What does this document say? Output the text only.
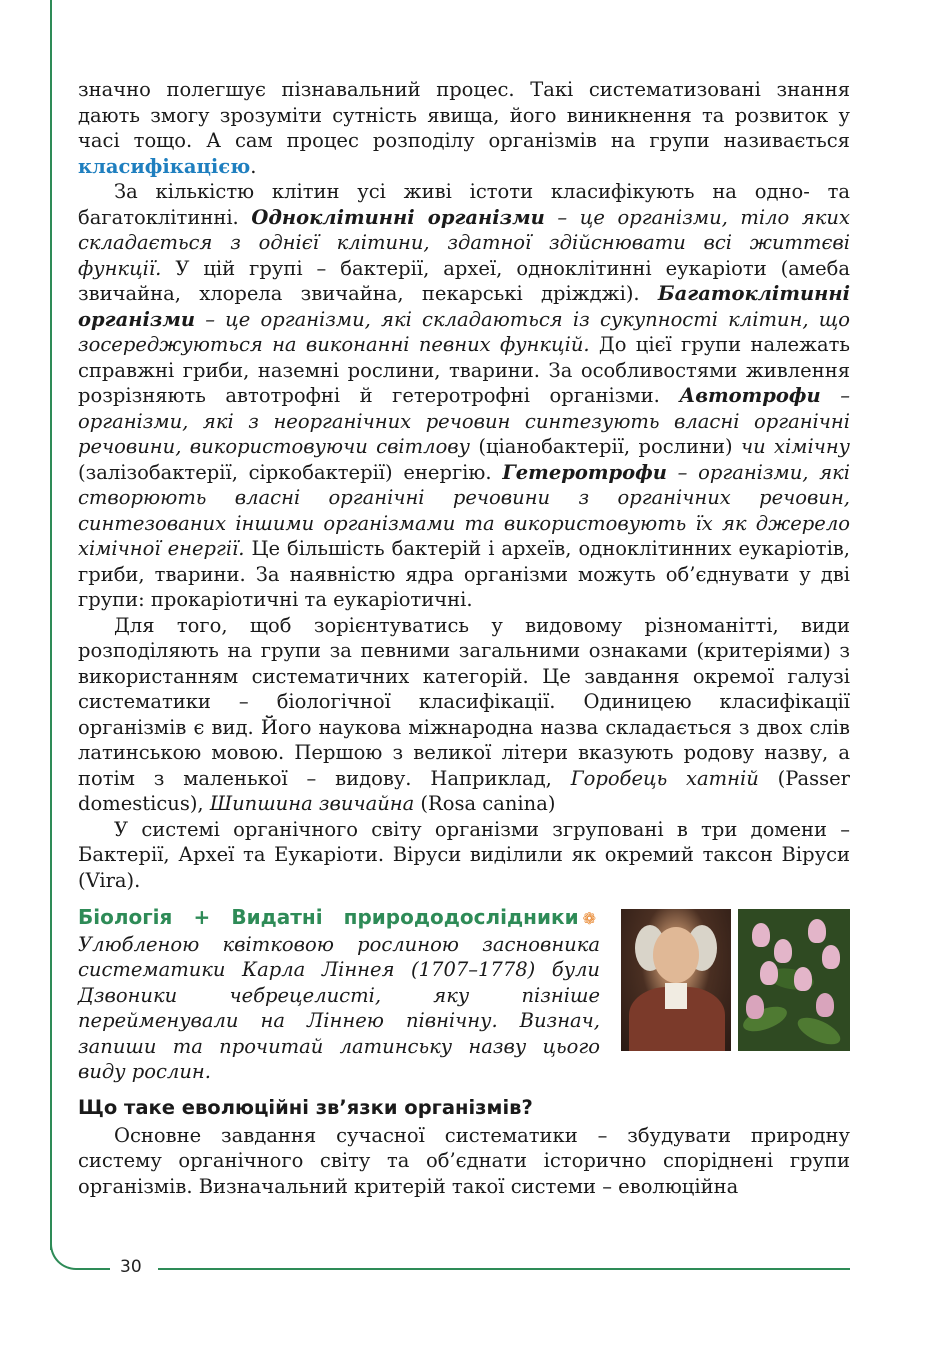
значно полегшує пізнавальний процес. Такі систематизовані знання дають змогу зрозуміти сутність явища, його виникнення та розвиток у часі тощо. А сам процес розподілу організмів на групи називається класифікацією.

За кількістю клітин усі живі істоти класифікують на одно- та багатоклітинні. Одноклітинні організми – це організми, тіло яких складається з однієї клітини, здатної здійснювати всі життєві функції. У цій групі – бактерії, археї, одноклітинні еукаріоти (амеба звичайна, хлорела звичайна, пекарські дріжджі). Багатоклітинні організми – це організми, які складаються із сукупності клітин, що зосереджуються на виконанні певних функцій. До цієї групи належать справжні гриби, наземні рослини, тварини. За особливостями живлення розрізняють автотрофні й гетеротрофні організми. Автотрофи – організми, які з неорганічних речовин синтезують власні органічні речовини, використовуючи світлову (ціанобактерії, рослини) чи хімічну (залізобактерії, сіркобактерії) енергію. Гетеротрофи – організми, які створюють власні органічні речовини з органічних речовин, синтезованих іншими організмами та використовують їх як джерело хімічної енергії. Це більшість бактерій і археїв, одноклітинних еукаріотів, гриби, тварини. За наявністю ядра організми можуть об’єднувати у дві групи: прокаріотичні та еукаріотичні.

Для того, щоб зорієнтуватись у видовому різноманітті, види розподіляють на групи за певними загальними ознаками (критеріями) з використанням систематичних категорій. Це завдання окремої галузі систематики – біологічної класифікації. Одиницею класифікації організмів є вид. Його наукова міжнародна назва складається з двох слів латинською мовою. Першою з великої літери вказують родову назву, а потім з маленької – видову. Наприклад, Горобець хатній (Passer domesticus), Шипшина звичайна (Rosa canina)

У системі органічного світу організми згруповані в три домени – Бактерії, Археї та Еукаріоти. Віруси виділили як окремий таксон Віруси (Vira).

Біологія + Видатні природодослідники ❁Улюбленою квітковою рослиною засновника систематики Карла Ліннея (1707–1778) були Дзвоники чебрецелисті, яку пізніше перейменували на Ліннею північну. Визнач, запиши та прочитай латинську назву цього виду рослин.

Що таке еволюційні зв’язки організмів?

Основне завдання сучасної систематики – збудувати природну систему органічного світу та об’єднати історично споріднені групи організмів. Визначальний критерій такої системи – еволюційна

30
